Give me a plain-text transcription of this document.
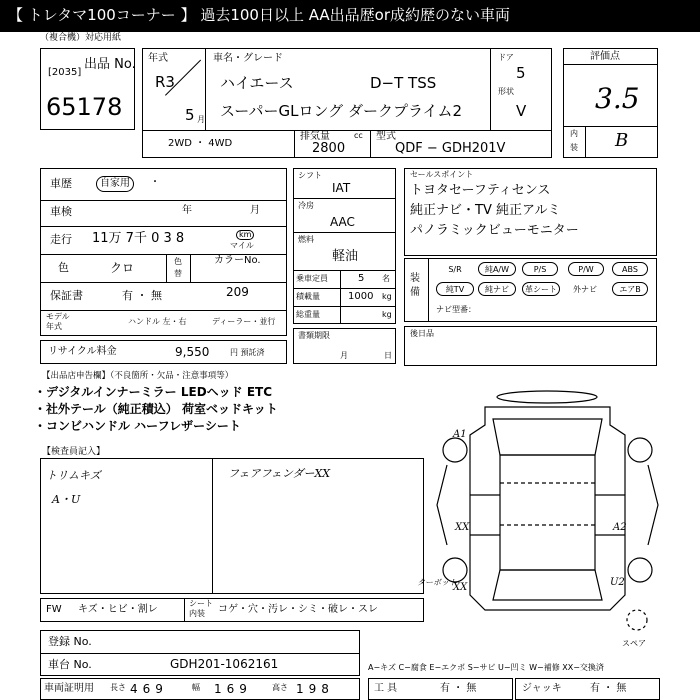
【 トレタマ100コーナー 】 過去100日以上 AA出品歴or成約歴のない車両
（複合機）対応用紙
出品 No.
[2035]
65178
年式
R3
5 月
車名・グレード
ハイエース	D−T TSS
スーパーGLロング ダークプライム2
ドア
5
形状
V
2WD ・ 4WD
排気量	cc
2800
型式
QDF − GDH201V
評価点
3.5
内
装 B
車歴	自家用	・
車検	年	月
走行 11万 7千 0 3 8	km
マイル
色	クロ	色
替
カラーNo.
209
保証書	有 ・ 無
モデル
年式
ハンドル 左・右	ディーラー・並行
リサイクル料金	9,550	円 預託済
シフト
IAT
冷房
AAC
燃料
軽油
乗車定員	5 名
積載量	1000 kg
総重量	kg
書類期限
月	日
セールスポイント
トヨタセーフティセンス
純正ナビ・TV 純正アルミ
パノラミックビューモニター
装備
S/R	純A/W	P/S	P/W	ABS
純TV	純ナビ	革シート	外ナビ	エアB
ナビ型番：
後日品
【出品店申告欄】（不良箇所・欠品・注意事項等）
・デジタルインナーミラー LEDヘッド ETC
・社外テール（純正積込） 荷室ベッドキット
・コンビハンドル ハーフレザーシート
【検査員記入】
トリムキズ
A・U
フェアフェンダーXX
A1
XX	A2
XX	U2
ターボット
スペア
FW キズ・ヒビ・割レ
シート
内装 コゲ・穴・汚レ・シミ・破レ・スレ
登録 No.
車台 No.	GDH201-1062161
車両証明用 長さ 469	幅 169	高さ 198
A−キズ C−腐食 E−エクボ S−サビ U−凹ミ W−補修 XX−交換済
工 具	有 ・ 無	ジャッキ	有 ・ 無
